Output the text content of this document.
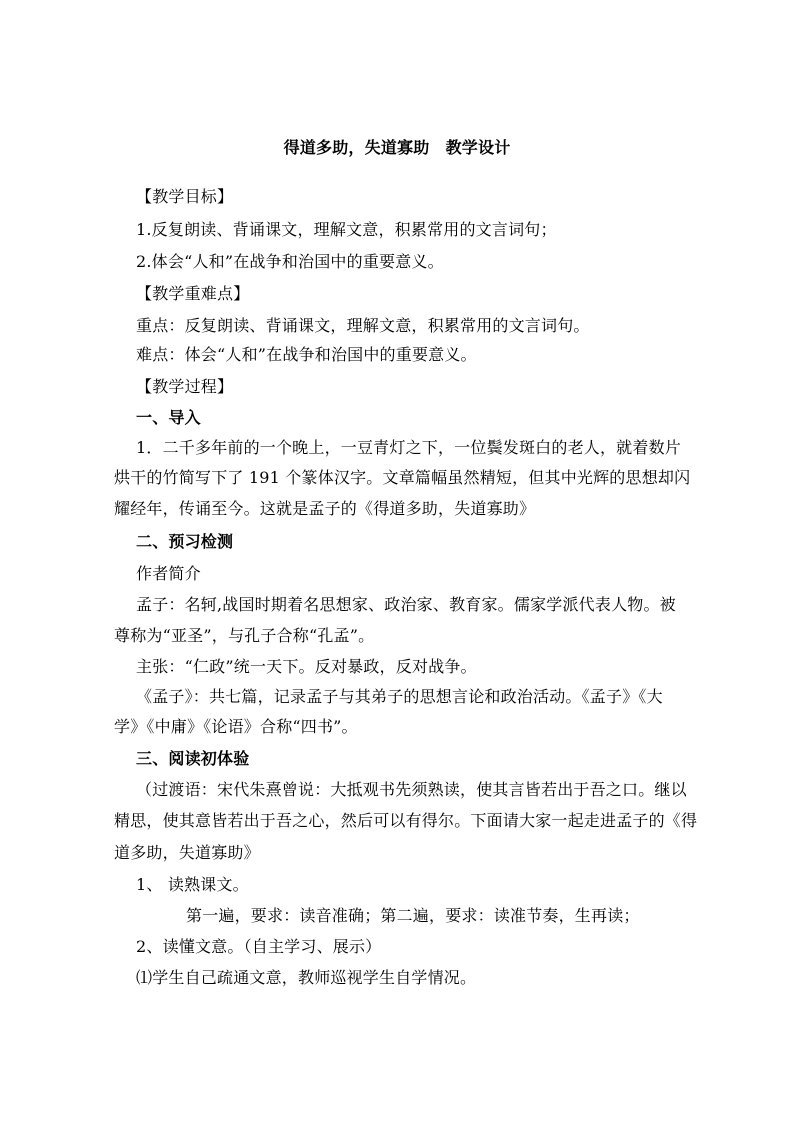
得道多助，失道寡助　教学设计
【教学目标】
1.反复朗读、背诵课文，理解文意，积累常用的文言词句；
2.体会“人和”在战争和治国中的重要意义。
【教学重难点】
重点：反复朗读、背诵课文，理解文意，积累常用的文言词句。
难点：体会“人和”在战争和治国中的重要意义。
【教学过程】
一、导入
1．二千多年前的一个晚上，一豆青灯之下，一位鬓发斑白的老人，就着数片
烘干的竹简写下了 191 个篆体汉字。文章篇幅虽然精短，但其中光辉的思想却闪
耀经年，传诵至今。这就是孟子的《得道多助，失道寡助》
二、预习检测
作者简介
孟子：名轲,战国时期着名思想家、政治家、教育家。儒家学派代表人物。被
尊称为“亚圣”，与孔子合称“孔孟”。
主张：“仁政”统一天下。反对暴政，反对战争。
《孟子》：共七篇，记录孟子与其弟子的思想言论和政治活动。《孟子》《大
学》《中庸》《论语》合称“四书”。
三、阅读初体验
（过渡语：宋代朱熹曾说：大抵观书先须熟读，使其言皆若出于吾之口。继以
精思，使其意皆若出于吾之心，然后可以有得尔。下面请大家一起走进孟子的《得
道多助，失道寡助》
1、 读熟课文。
第一遍，要求：读音准确；第二遍，要求：读准节奏，生再读；
2、读懂文意。（自主学习、展示）
⑴学生自己疏通文意，教师巡视学生自学情况。
